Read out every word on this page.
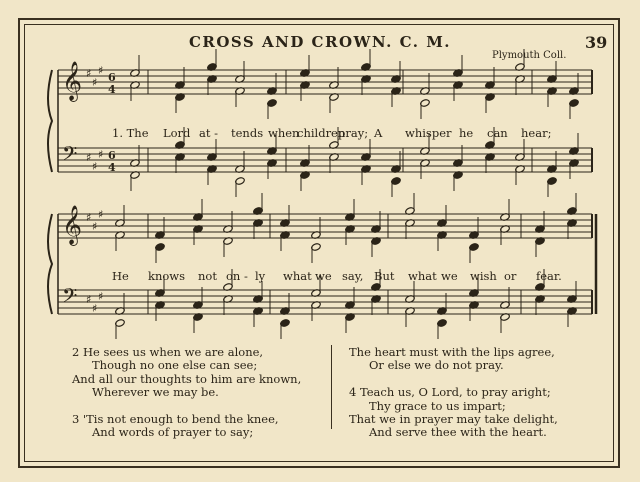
CROSS AND CROWN. C. M.
Plymouth Coll.
39
𝄞 ♯
♯
♯
6
4
𝄢 ♯
♯
♯ 6
4
𝄞 ♯
♯
♯
𝄢 ♯
♯
♯
1. The Lord at - tends when
children
pray; A whisper he can hear;
He knows not on - ly what we say, But what we wish or fear.
2 He sees us when we are alone,
Though no one else can see;
And all our thoughts to him are known,
Wherever we may be.

3 'Tis not enough to bend the knee,
And words of prayer to say;
The heart must with the lips agree,
Or else we do not pray.

4 Teach us, O Lord, to pray aright;
Thy grace to us impart;
That we in prayer may take delight,
And serve thee with the heart.
